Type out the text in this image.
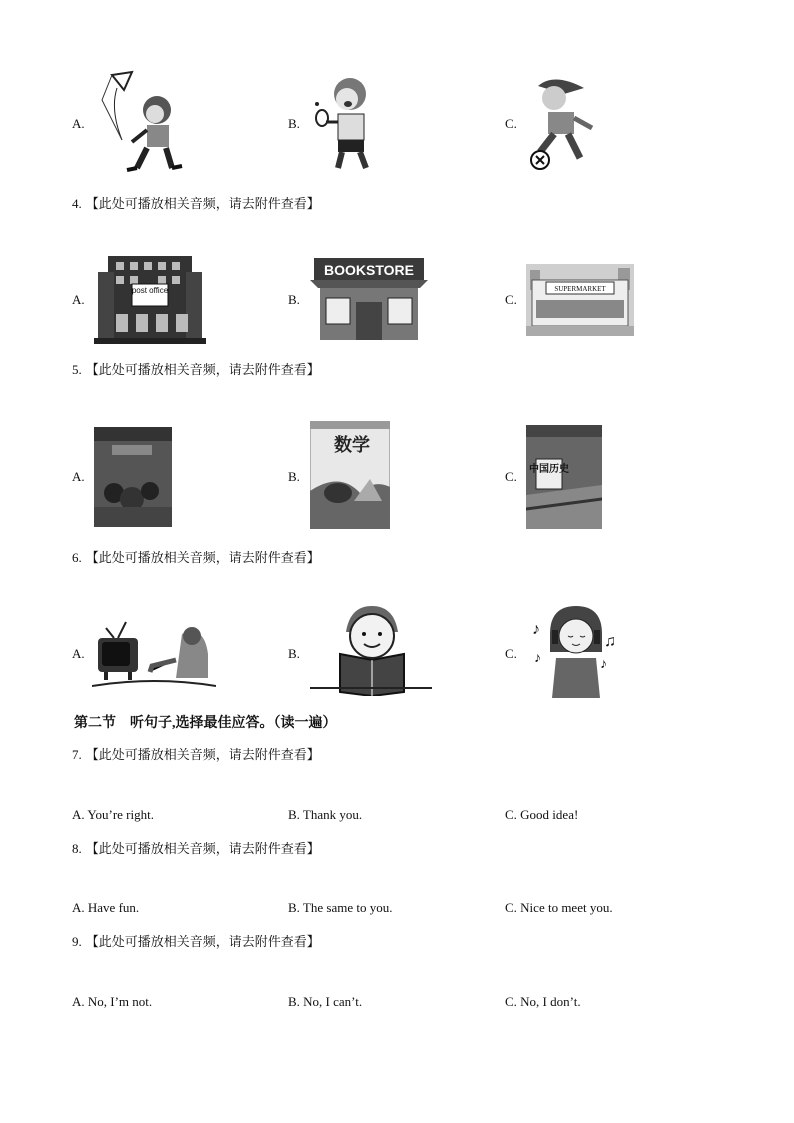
A.	B.	C.
4. 【此处可播放相关音频，请去附件查看】
A.
post office
B.
BOOKSTORE
C.
SUPERMARKET
5. 【此处可播放相关音频，请去附件查看】
A.	B.
数学
C. 中国历史
6. 【此处可播放相关音频，请去附件查看】
A.	B.	C.
♪
♫
♪	♪
第二节　听句子,选择最佳应答。（读一遍）
7. 【此处可播放相关音频，请去附件查看】
A. You’re right.	B. Thank you.	C. Good idea!
8. 【此处可播放相关音频，请去附件查看】
A. Have fun.	B. The same to you.	C. Nice to meet you.
9. 【此处可播放相关音频，请去附件查看】
A. No, I’m not.	B. No, I can’t.	C. No, I don’t.
